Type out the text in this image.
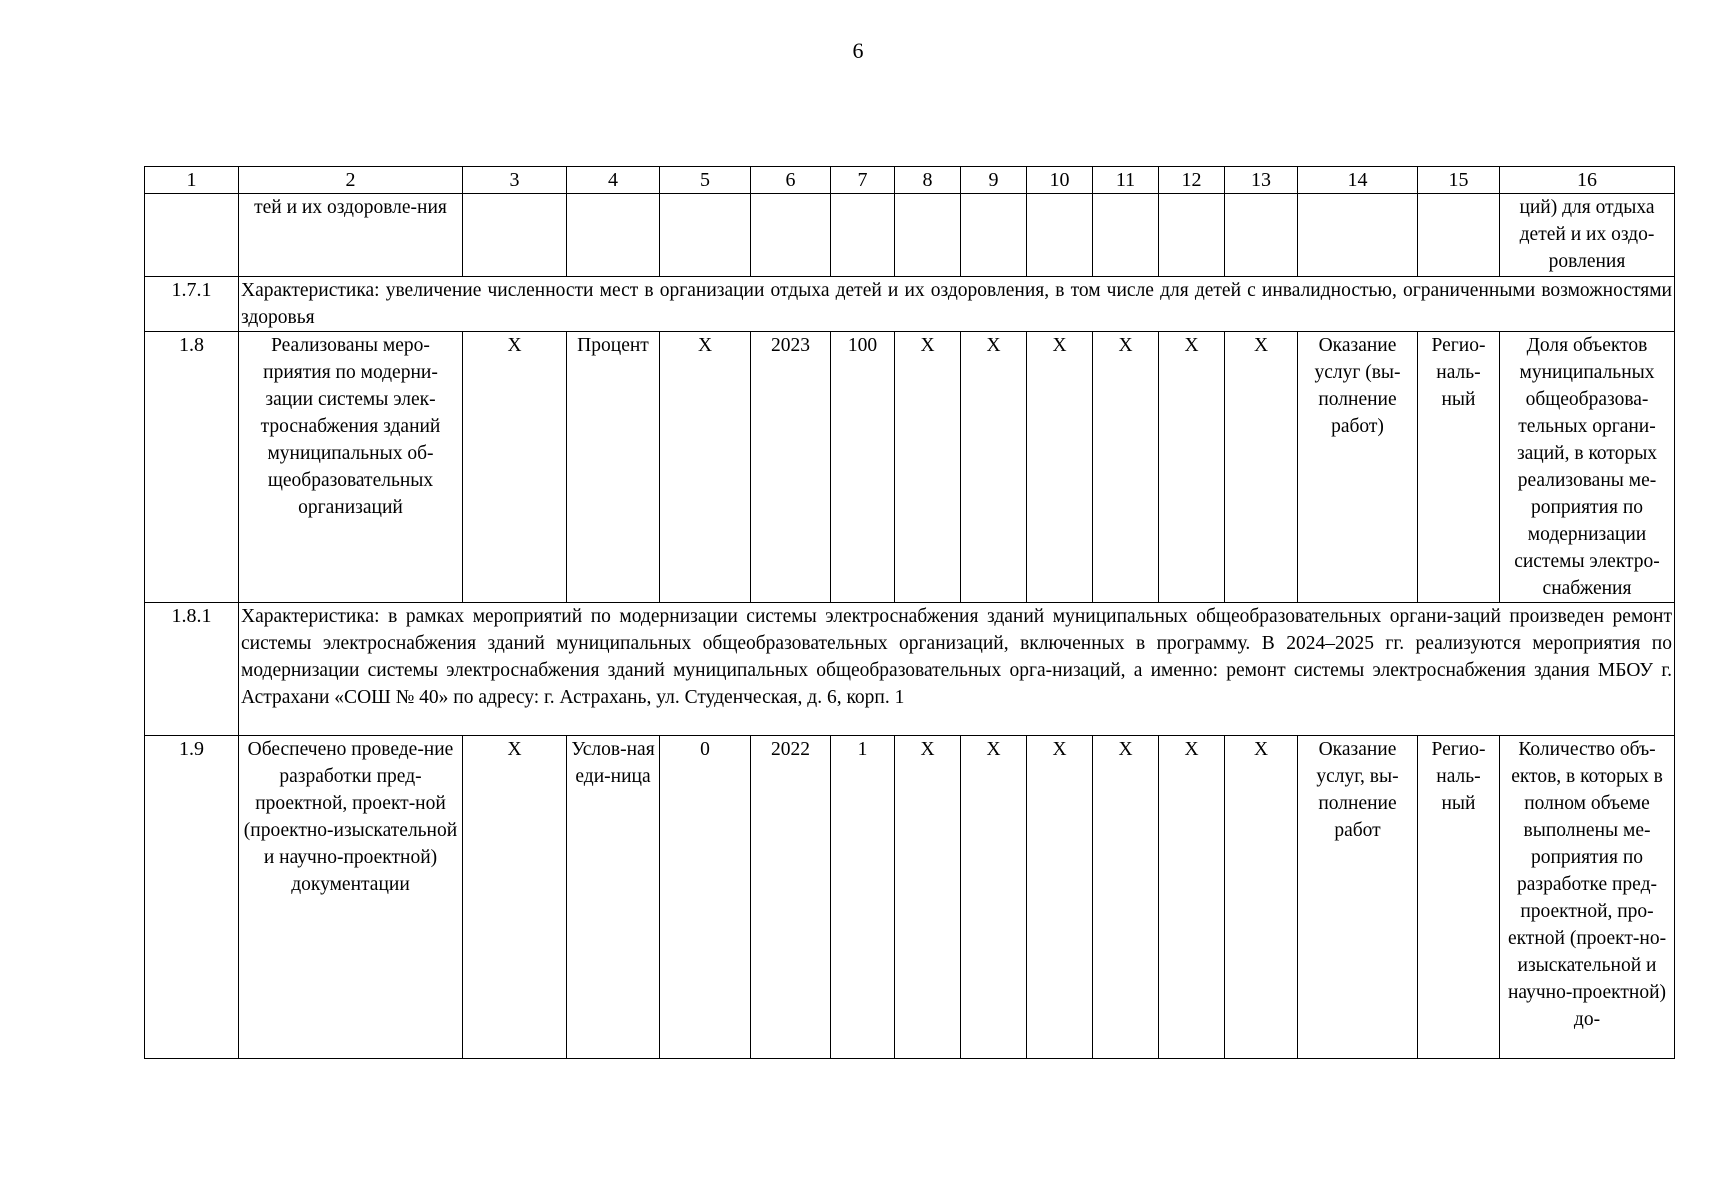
6
1	2	3	4	5	6	7	8	9	10	11	12	13	14	15	16
	тей и их оздоровле-ния														ций) для отдыха детей и их оздо-ровления
1.7.1	Характеристика: увеличение численности мест в организации отдыха детей и их оздоровления, в том числе для детей с инвалидностью, ограниченными возможностями здоровья														
1.8	Реализованы меро-приятия по модерни-зации системы элек-троснабжения зданий муниципальных об-щеобразовательных организаций	Х	Процент	Х	2023	100	Х	Х	Х	Х	Х	Х	Оказание услуг (вы-полнение работ)	Регио-наль-ный	Доля объектов муниципальных общеобразова-тельных органи-заций, в которых реализованы ме-роприятия по модернизации системы электро-снабжения
1.8.1	Характеристика: в рамках мероприятий по модернизации системы электроснабжения зданий муниципальных общеобразовательных органи-заций произведен ремонт системы электроснабжения зданий муниципальных общеобразовательных организаций, включенных в программу. В 2024–2025 гг. реализуются мероприятия по модернизации системы электроснабжения зданий муниципальных общеобразовательных орга-низаций, а именно: ремонт системы электроснабжения здания МБОУ г. Астрахани «СОШ № 40» по адресу: г. Астрахань, ул. Студенческая, д. 6, корп. 1														
1.9	Обеспечено проведе-ние разработки пред-проектной, проект-ной (проектно-изыскательной и научно-проектной) документации	Х	Услов-ная еди-ница	0	2022	1	Х	Х	Х	Х	Х	Х	Оказание услуг, вы-полнение работ	Регио-наль-ный	Количество объ-ектов, в которых в полном объеме выполнены ме-роприятия по разработке пред-проектной, про-ектной (проект-но-изыскательной и научно-проектной) до-
